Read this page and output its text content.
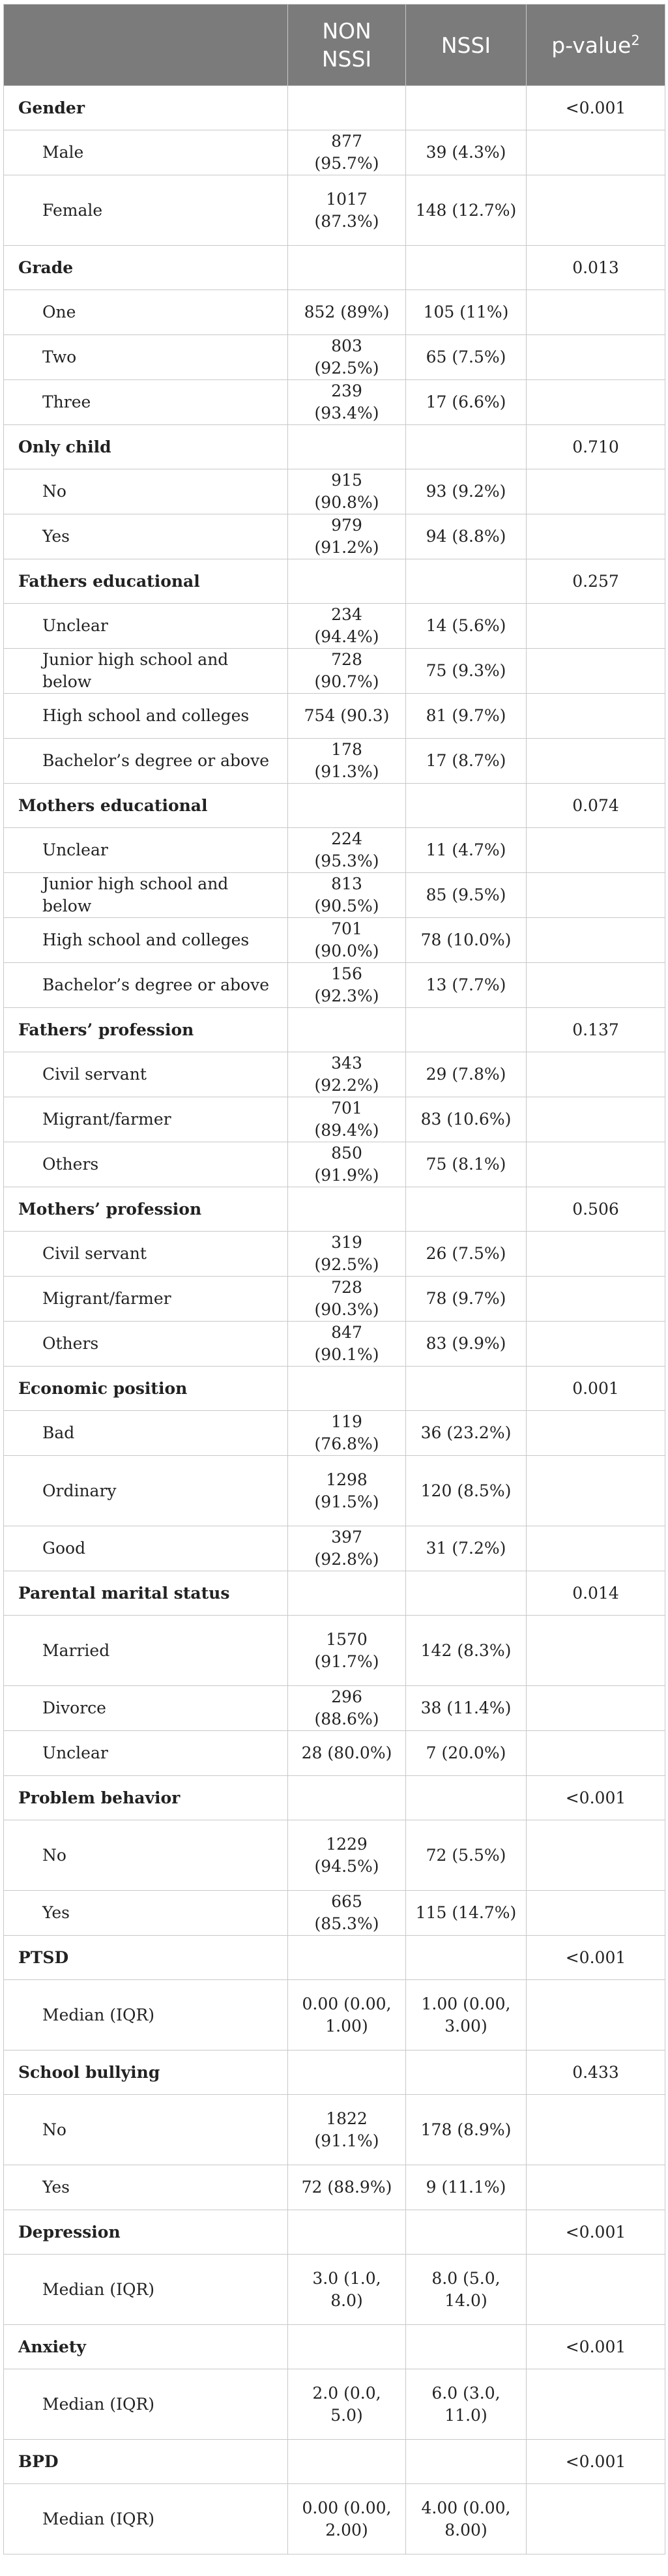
	NON NSSI	NSSI	p-value$^2$
Gender			<0.001
Male	877 (95.7%)	39 (4.3%)	
Female	1017 (87.3%)	148 (12.7%)	
Grade			0.013
One	852 (89%)	105 (11%)	
Two	803 (92.5%)	65 (7.5%)	
Three	239 (93.4%)	17 (6.6%)	
Only child			0.710
No	915 (90.8%)	93 (9.2%)	
Yes	979 (91.2%)	94 (8.8%)	
Fathers educational			0.257
Unclear	234 (94.4%)	14 (5.6%)	
Junior high school and below	728 (90.7%)	75 (9.3%)	
High school and colleges	754 (90.3)	81 (9.7%)	
Bachelor’s degree or above	178 (91.3%)	17 (8.7%)	
Mothers educational			0.074
Unclear	224 (95.3%)	11 (4.7%)	
Junior high school and below	813 (90.5%)	85 (9.5%)	
High school and colleges	701 (90.0%)	78 (10.0%)	
Bachelor’s degree or above	156 (92.3%)	13 (7.7%)	
Fathers’ profession			0.137
Civil servant	343 (92.2%)	29 (7.8%)	
Migrant/farmer	701 (89.4%)	83 (10.6%)	
Others	850 (91.9%)	75 (8.1%)	
Mothers’ profession			0.506
Civil servant	319 (92.5%)	26 (7.5%)	
Migrant/farmer	728 (90.3%)	78 (9.7%)	
Others	847 (90.1%)	83 (9.9%)	
Economic position			0.001
Bad	119 (76.8%)	36 (23.2%)	
Ordinary	1298 (91.5%)	120 (8.5%)	
Good	397 (92.8%)	31 (7.2%)	
Parental marital status			0.014
Married	1570 (91.7%)	142 (8.3%)	
Divorce	296 (88.6%)	38 (11.4%)	
Unclear	28 (80.0%)	7 (20.0%)	
Problem behavior			<0.001
No	1229 (94.5%)	72 (5.5%)	
Yes	665 (85.3%)	115 (14.7%)	
PTSD			<0.001
Median (IQR)	0.00 (0.00, 1.00)	1.00 (0.00, 3.00)	
School bullying			0.433
No	1822 (91.1%)	178 (8.9%)	
Yes	72 (88.9%)	9 (11.1%)	
Depression			<0.001
Median (IQR)	3.0 (1.0, 8.0)	8.0 (5.0, 14.0)	
Anxiety			<0.001
Median (IQR)	2.0 (0.0, 5.0)	6.0 (3.0, 11.0)	
BPD			<0.001
Median (IQR)	0.00 (0.00, 2.00)	4.00 (0.00, 8.00)	
